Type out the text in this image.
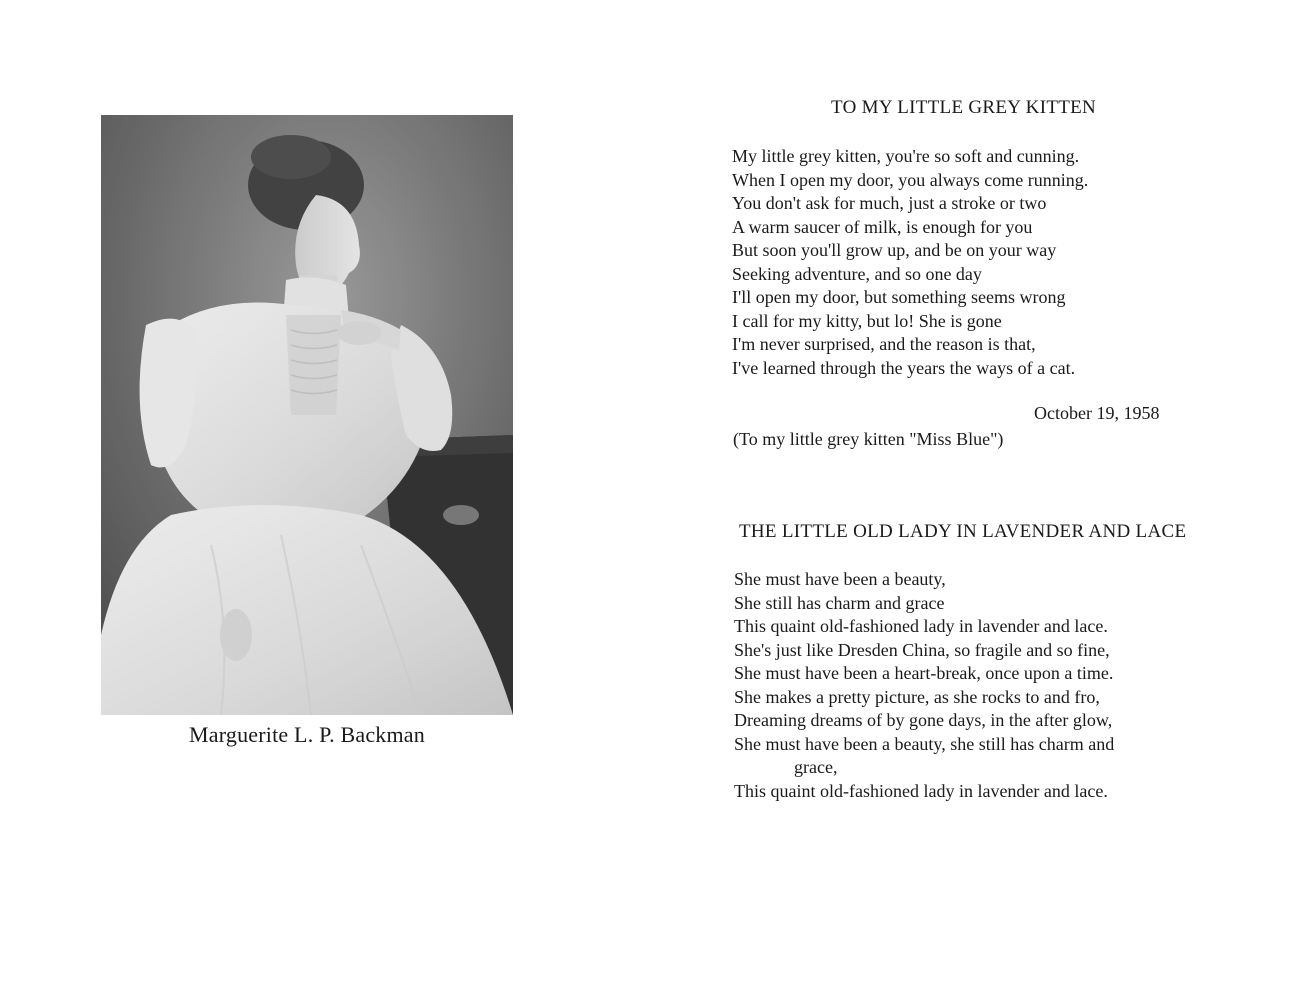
Marguerite L. P. Backman
TO MY LITTLE GREY KITTEN
My little grey kitten, you're so soft and cunning.
When I open my door, you always come running.
You don't ask for much, just a stroke or two
A warm saucer of milk, is enough for you
But soon you'll grow up, and be on your way
Seeking adventure, and so one day
I'll open my door, but something seems wrong
I call for my kitty, but lo! She is gone
I'm never surprised, and the reason is that,
I've learned through the years the ways of a cat.
October 19, 1958
(To my little grey kitten "Miss Blue")
THE LITTLE OLD LADY IN LAVENDER AND LACE
She must have been a beauty,
She still has charm and grace
This quaint old-fashioned lady in lavender and lace.
She's just like Dresden China, so fragile and so fine,
She must have been a heart-break, once upon a time.
She makes a pretty picture, as she rocks to and fro,
Dreaming dreams of by gone days, in the after glow,
She must have been a beauty, she still has charm and
grace,
This quaint old-fashioned lady in lavender and lace.
